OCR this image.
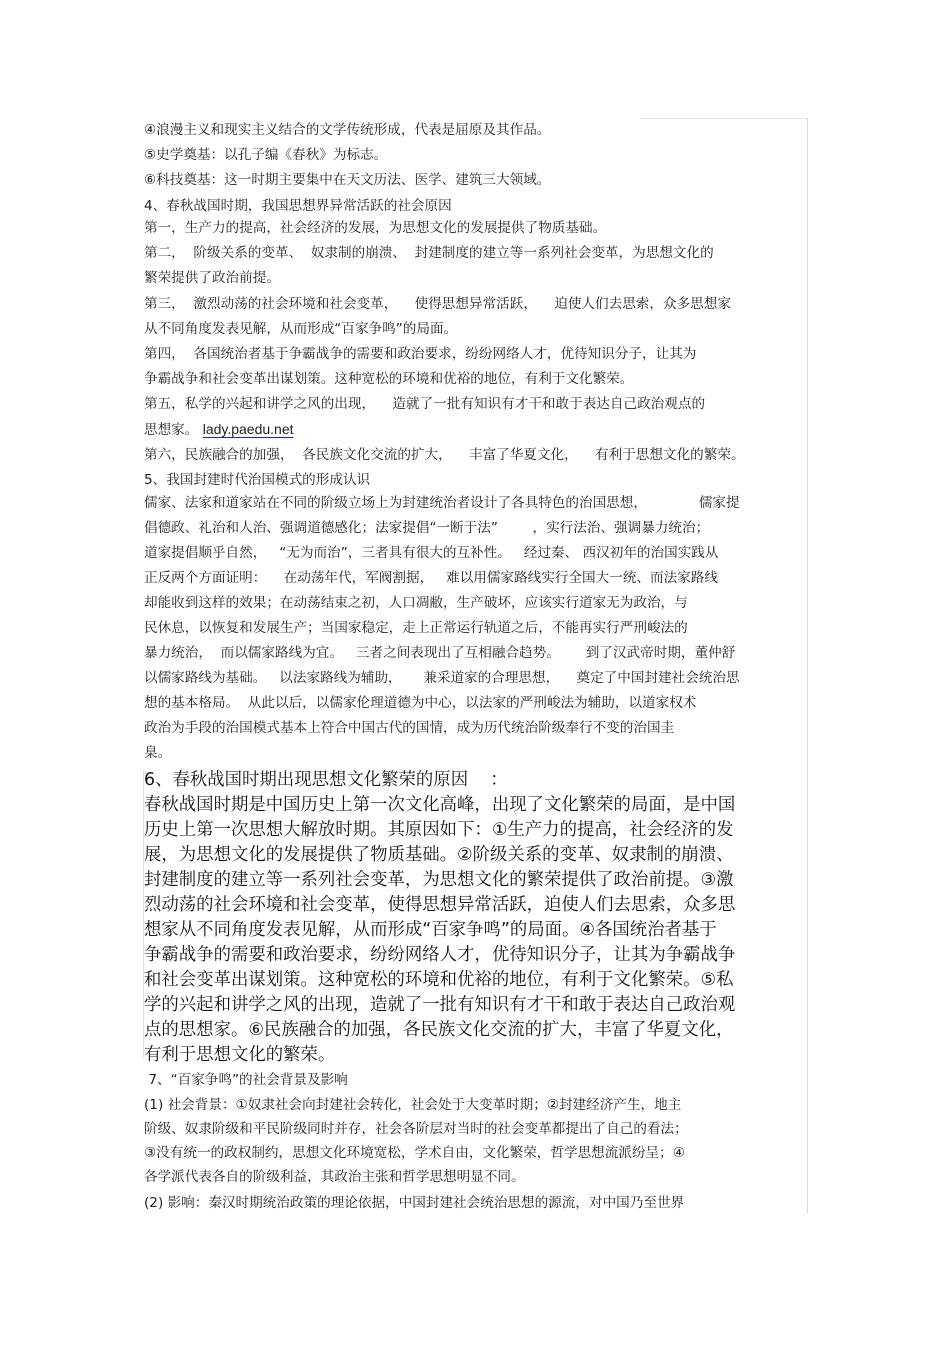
④浪漫主义和现实主义结合的文学传统形成，代表是屈原及其作品。

⑤史学奠基：以孔子编《春秋》为标志。

⑥科技奠基：这一时期主要集中在天文历法、医学、建筑三大领域。

4、春秋战国时期，我国思想界异常活跃的社会原因

第一，生产力的提高，社会经济的发展，为思想文化的发展提供了物质基础。

第二，  阶级关系的变革、  奴隶制的崩溃、  封建制度的建立等一系列社会变革，为思想文化的

繁荣提供了政治前提。

第三，  激烈动荡的社会环境和社会变革，    使得思想异常活跃，    迫使人们去思索，众多思想家

从不同角度发表见解，从而形成“百家争鸣”的局面。

第四，  各国统治者基于争霸战争的需要和政治要求，纷纷网络人才，优待知识分子，让其为

争霸战争和社会变革出谋划策。这种宽松的环境和优裕的地位，有利于文化繁荣。

第五，私学的兴起和讲学之风的出现，    造就了一批有知识有才干和敢于表达自己政治观点的

思想家。 lady.paedu.net

第六，民族融合的加强，  各民族文化交流的扩大，    丰富了华夏文化，    有利于思想文化的繁荣。

5、我国封建时代治国模式的形成认识

儒家、法家和道家站在不同的阶级立场上为封建统治者设计了各具特色的治国思想，            儒家提

倡德政、礼治和人治、强调道德感化；法家提倡“一断于法”        ，实行法治、强调暴力统治；

道家提倡顺乎自然，   “无为而治”，三者具有很大的互补性。   经过秦、 西汉初年的治国实践从

正反两个方面证明：    在动荡年代，军阀割据，   难以用儒家路线实行全国大一统、而法家路线

却能收到这样的效果；在动荡结束之初，人口凋敝，生产破坏，应该实行道家无为政治，与

民休息，以恢复和发展生产；当国家稳定，走上正常运行轨道之后，不能再实行严刑峻法的

暴力统治，  而以儒家路线为宜。   三者之间表现出了互相融合趋势。      到了汉武帝时期，董仲舒

以儒家路线为基础。   以法家路线为辅助，     兼采道家的合理思想，    奠定了中国封建社会统治思

想的基本格局。  从此以后，以儒家伦理道德为中心，以法家的严刑峻法为辅助，以道家权术

政治为手段的治国模式基本上符合中国古代的国情，成为历代统治阶级奉行不变的治国圭

臬。

6、春秋战国时期出现思想文化繁荣的原因    ：

春秋战国时期是中国历史上第一次文化高峰，出现了文化繁荣的局面，是中国

历史上第一次思想大解放时期。其原因如下：①生产力的提高，社会经济的发

展，为思想文化的发展提供了物质基础。②阶级关系的变革、奴隶制的崩溃、

封建制度的建立等一系列社会变革，为思想文化的繁荣提供了政治前提。③激

烈动荡的社会环境和社会变革，使得思想异常活跃，迫使人们去思索，众多思

想家从不同角度发表见解，从而形成“百家争鸣”的局面。④各国统治者基于

争霸战争的需要和政治要求，纷纷网络人才，优待知识分子，让其为争霸战争

和社会变革出谋划策。这种宽松的环境和优裕的地位，有利于文化繁荣。⑤私

学的兴起和讲学之风的出现，造就了一批有知识有才干和敢于表达自己政治观

点的思想家。⑥民族融合的加强，各民族文化交流的扩大，丰富了华夏文化，

有利于思想文化的繁荣。

7、“百家争鸣”的社会背景及影响

(1) 社会背景：①奴隶社会向封建社会转化，社会处于大变革时期；②封建经济产生，地主

阶级、奴隶阶级和平民阶级同时并存，社会各阶层对当时的社会变革都提出了自己的看法；

③没有统一的政权制约，思想文化环境宽松，学术自由，文化繁荣，哲学思想流派纷呈；④

各学派代表各自的阶级利益，其政治主张和哲学思想明显不同。

(2) 影响：秦汉时期统治政策的理论依据，中国封建社会统治思想的源流，对中国乃至世界
